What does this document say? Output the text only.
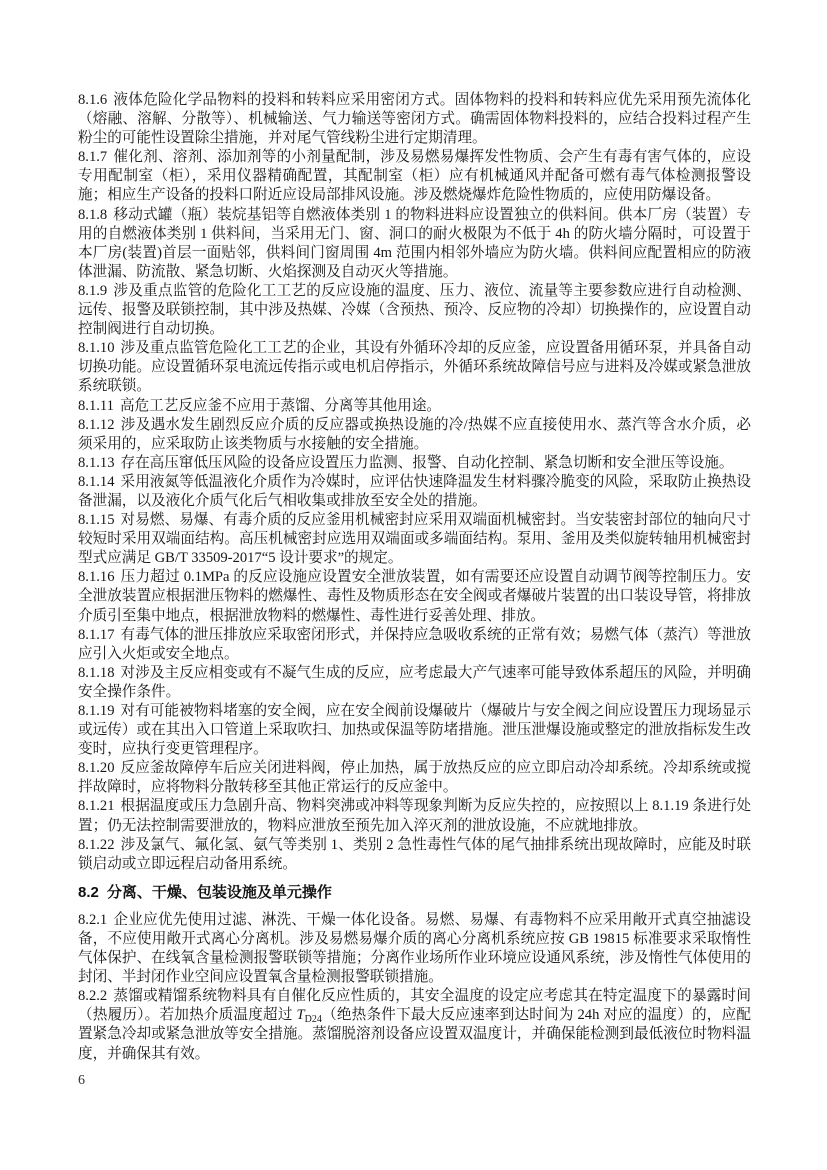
8.1.6 液体危险化学品物料的投料和转料应采用密闭方式。固体物料的投料和转料应优先采用预先流体化（熔融、溶解、分散等）、机械输送、气力输送等密闭方式。确需固体物料投料的，应结合投料过程产生粉尘的可能性设置除尘措施，并对尾气管线粉尘进行定期清理。

8.1.7 催化剂、溶剂、添加剂等的小剂量配制，涉及易燃易爆挥发性物质、会产生有毒有害气体的，应设专用配制室（柜），采用仪器精确配置，其配制室（柜）应有机械通风并配备可燃有毒气体检测报警设施；相应生产设备的投料口附近应设局部排风设施。涉及燃烧爆炸危险性物质的，应使用防爆设备。

8.1.8 移动式罐（瓶）装烷基铝等自燃液体类别 1 的物料进料应设置独立的供料间。供本厂房（装置）专用的自燃液体类别 1 供料间，当采用无门、窗、洞口的耐火极限为不低于 4h 的防火墙分隔时，可设置于本厂房(装置)首层一面贴邻，供料间门窗周围 4m 范围内相邻外墙应为防火墙。供料间应配置相应的防液体泄漏、防流散、紧急切断、火焰探测及自动灭火等措施。

8.1.9 涉及重点监管的危险化工工艺的反应设施的温度、压力、液位、流量等主要参数应进行自动检测、远传、报警及联锁控制，其中涉及热媒、冷媒（含预热、预冷、反应物的冷却）切换操作的，应设置自动控制阀进行自动切换。

8.1.10 涉及重点监管危险化工工艺的企业，其设有外循环冷却的反应釜，应设置备用循环泵，并具备自动切换功能。应设置循环泵电流远传指示或电机启停指示，外循环系统故障信号应与进料及冷媒或紧急泄放系统联锁。

8.1.11 高危工艺反应釜不应用于蒸馏、分离等其他用途。

8.1.12 涉及遇水发生剧烈反应介质的反应器或换热设施的冷/热媒不应直接使用水、蒸汽等含水介质，必须采用的，应采取防止该类物质与水接触的安全措施。

8.1.13 存在高压窜低压风险的设备应设置压力监测、报警、自动化控制、紧急切断和安全泄压等设施。

8.1.14 采用液氮等低温液化介质作为冷媒时，应评估快速降温发生材料骤冷脆变的风险，采取防止换热设备泄漏，以及液化介质气化后气相收集或排放至安全处的措施。

8.1.15 对易燃、易爆、有毒介质的反应釜用机械密封应采用双端面机械密封。当安装密封部位的轴向尺寸较短时采用双端面结构。高压机械密封应选用双端面或多端面结构。泵用、釜用及类似旋转轴用机械密封型式应满足 GB/T 33509-2017“5 设计要求”的规定。

8.1.16 压力超过 0.1MPa 的反应设施应设置安全泄放装置，如有需要还应设置自动调节阀等控制压力。安全泄放装置应根据泄压物料的燃爆性、毒性及物质形态在安全阀或者爆破片装置的出口装设导管，将排放介质引至集中地点，根据泄放物料的燃爆性、毒性进行妥善处理、排放。

8.1.17 有毒气体的泄压排放应采取密闭形式，并保持应急吸收系统的正常有效；易燃气体（蒸汽）等泄放应引入火炬或安全地点。

8.1.18 对涉及主反应相变或有不凝气生成的反应，应考虑最大产气速率可能导致体系超压的风险，并明确安全操作条件。

8.1.19 对有可能被物料堵塞的安全阀，应在安全阀前设爆破片（爆破片与安全阀之间应设置压力现场显示或远传）或在其出入口管道上采取吹扫、加热或保温等防堵措施。泄压泄爆设施或整定的泄放指标发生改变时，应执行变更管理程序。

8.1.20 反应釜故障停车后应关闭进料阀，停止加热，属于放热反应的应立即启动冷却系统。冷却系统或搅拌故障时，应将物料分散转移至其他正常运行的反应釜中。

8.1.21 根据温度或压力急剧升高、物料突沸或冲料等现象判断为反应失控的，应按照以上 8.1.19 条进行处置；仍无法控制需要泄放的，物料应泄放至预先加入淬灭剂的泄放设施，不应就地排放。

8.1.22 涉及氯气、氟化氢、氨气等类别 1、类别 2 急性毒性气体的尾气抽排系统出现故障时，应能及时联锁启动或立即远程启动备用系统。

8.2 分离、干燥、包装设施及单元操作

8.2.1 企业应优先使用过滤、淋洗、干燥一体化设备。易燃、易爆、有毒物料不应采用敞开式真空抽滤设备，不应使用敞开式离心分离机。涉及易燃易爆介质的离心分离机系统应按 GB 19815 标准要求采取惰性气体保护、在线氧含量检测报警联锁等措施；分离作业场所作业环境应设通风系统，涉及惰性气体使用的封闭、半封闭作业空间应设置氧含量检测报警联锁措施。

8.2.2 蒸馏或精馏系统物料具有自催化反应性质的，其安全温度的设定应考虑其在特定温度下的暴露时间（热履历）。若加热介质温度超过 $T_{D24}$（绝热条件下最大反应速率到达时间为 24h 对应的温度）的，应配置紧急冷却或紧急泄放等安全措施。蒸馏脱溶剂设备应设置双温度计，并确保能检测到最低液位时物料温度，并确保其有效。

6
